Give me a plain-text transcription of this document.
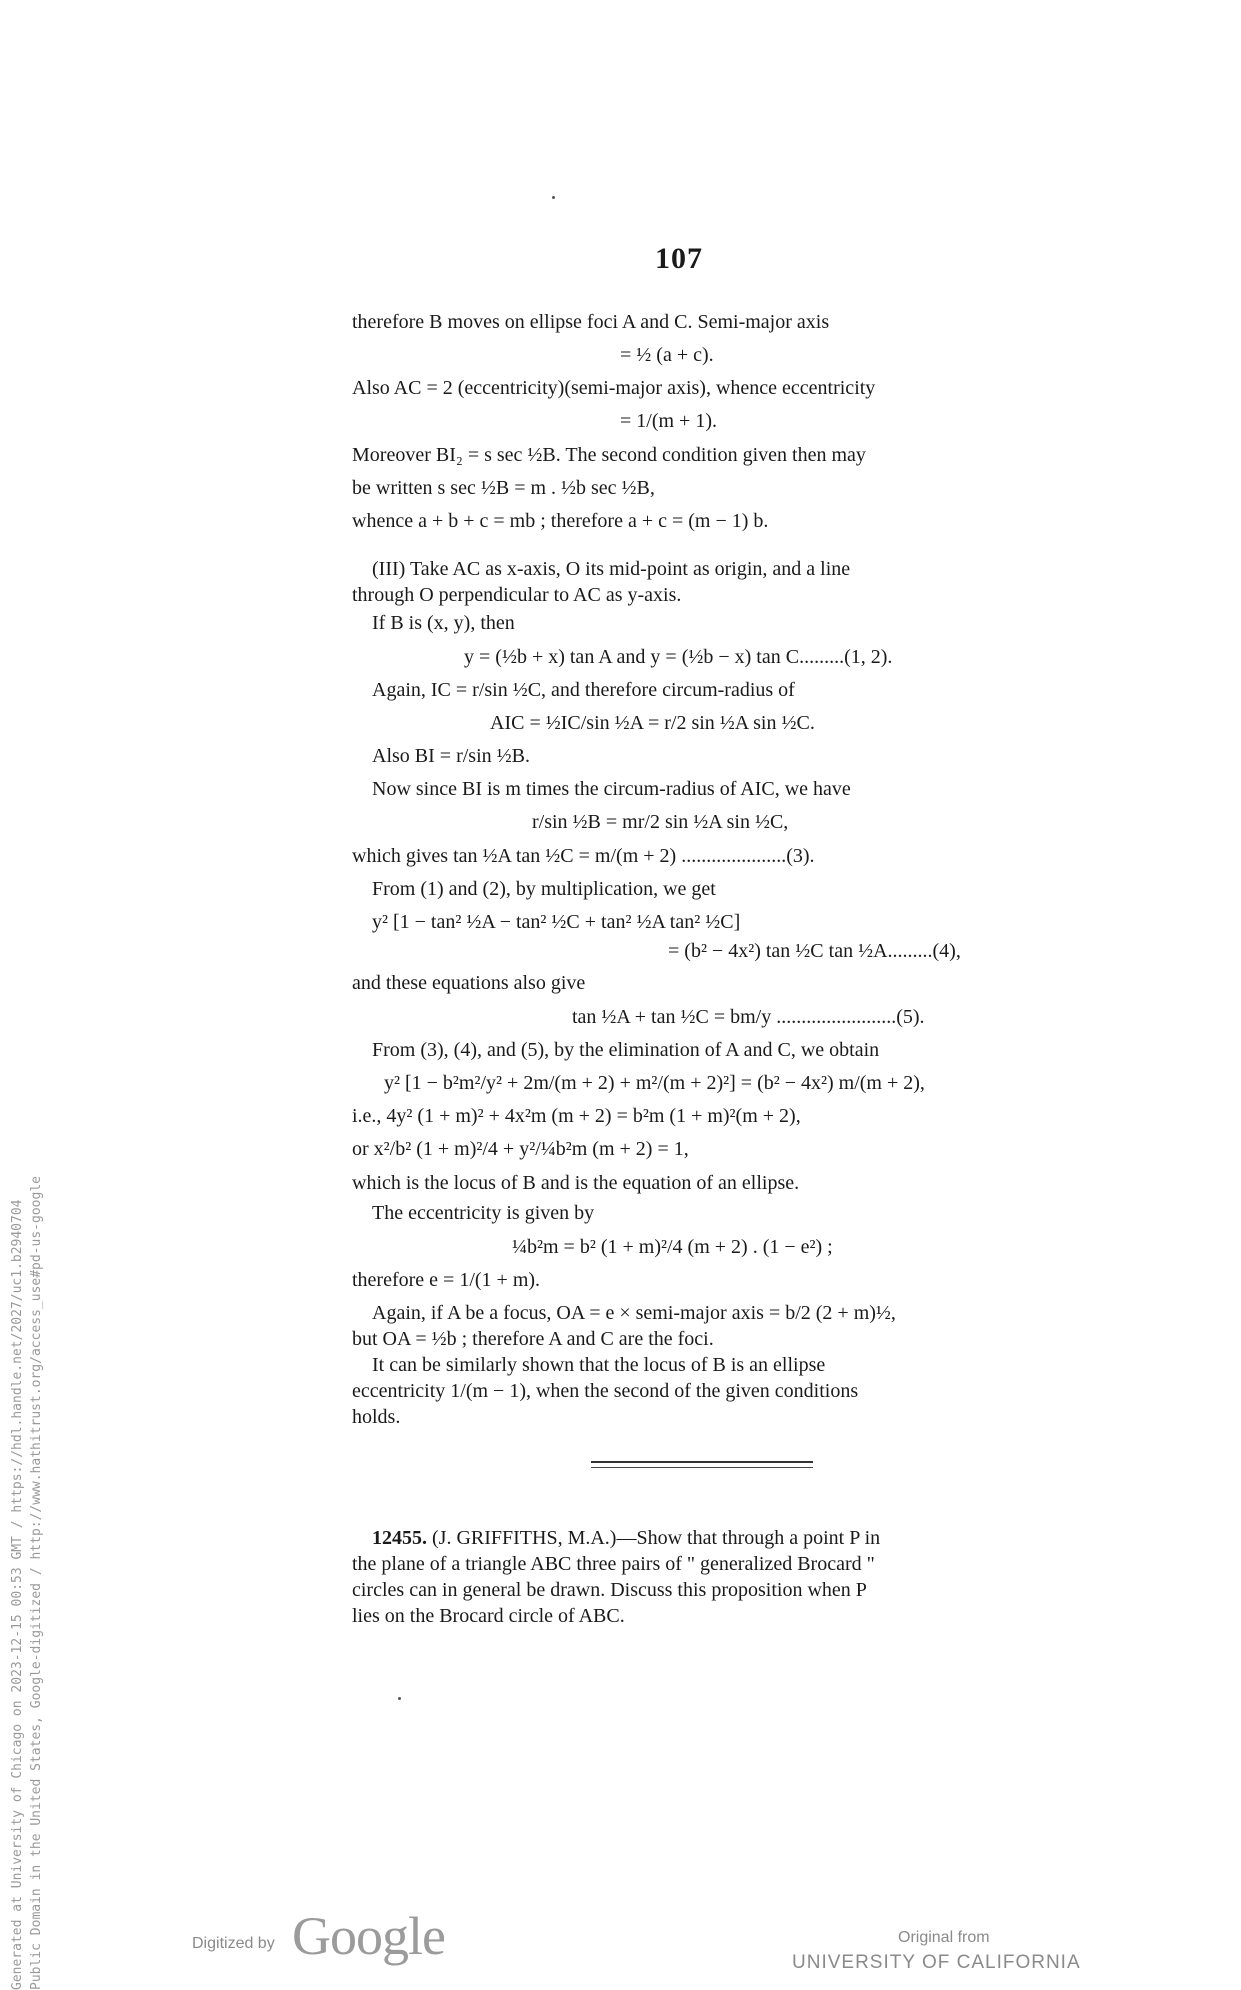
107
therefore B moves on ellipse foci A and C. Semi-major axis
= ½ (a + c).
Also AC = 2 (eccentricity)(semi-major axis), whence eccentricity
= 1/(m + 1).
Moreover BI₂ = s sec ½B. The second condition given then may
be written s sec ½B = m . ½b sec ½B,
whence a + b + c = mb ; therefore a + c = (m − 1) b.
(III) Take AC as x-axis, O its mid-point as origin, and a line
through O perpendicular to AC as y-axis.
If B is (x, y), then
y = (½b + x) tan A and y = (½b − x) tan C.........(1, 2).
Again, IC = r/sin ½C, and therefore circum-radius of
AIC = ½IC/sin ½A = r/2 sin ½A sin ½C.
Also BI = r/sin ½B.
Now since BI is m times the circum-radius of AIC, we have
r/sin ½B = mr/2 sin ½A sin ½C,
which gives tan ½A tan ½C = m/(m + 2) .....................(3).
From (1) and (2), by multiplication, we get
y² [1 − tan² ½A − tan² ½C + tan² ½A tan² ½C]
= (b² − 4x²) tan ½C tan ½A.........(4),
and these equations also give
tan ½A + tan ½C = bm/y ........................(5).
From (3), (4), and (5), by the elimination of A and C, we obtain
y² [1 − b²m²/y² + 2m/(m + 2) + m²/(m + 2)²] = (b² − 4x²) m/(m + 2),
i.e., 4y² (1 + m)² + 4x²m (m + 2) = b²m (1 + m)²(m + 2),
or x²/b² (1 + m)²/4 + y²/¼b²m (m + 2) = 1,
which is the locus of B and is the equation of an ellipse.
The eccentricity is given by
¼b²m = b² (1 + m)²/4 (m + 2) . (1 − e²) ;
therefore e = 1/(1 + m).
Again, if A be a focus, OA = e × semi-major axis = b/2 (2 + m)½,
but OA = ½b ; therefore A and C are the foci.
It can be similarly shown that the locus of B is an ellipse
eccentricity 1/(m − 1), when the second of the given conditions
holds.
12455. (J. GRIFFITHS, M.A.)—Show that through a point P in
the plane of a triangle ABC three pairs of " generalized Brocard "
circles can in general be drawn. Discuss this proposition when P
lies on the Brocard circle of ABC.
Generated at University of Chicago on 2023-12-15 00:53 GMT / https://hdl.handle.net/2027/uc1.b2940704 Public Domain in the United States, Google-digitized / http://www.hathitrust.org/access_use#pd-us-google	Digitized by Google	Original from
UNIVERSITY OF CALIFORNIA
